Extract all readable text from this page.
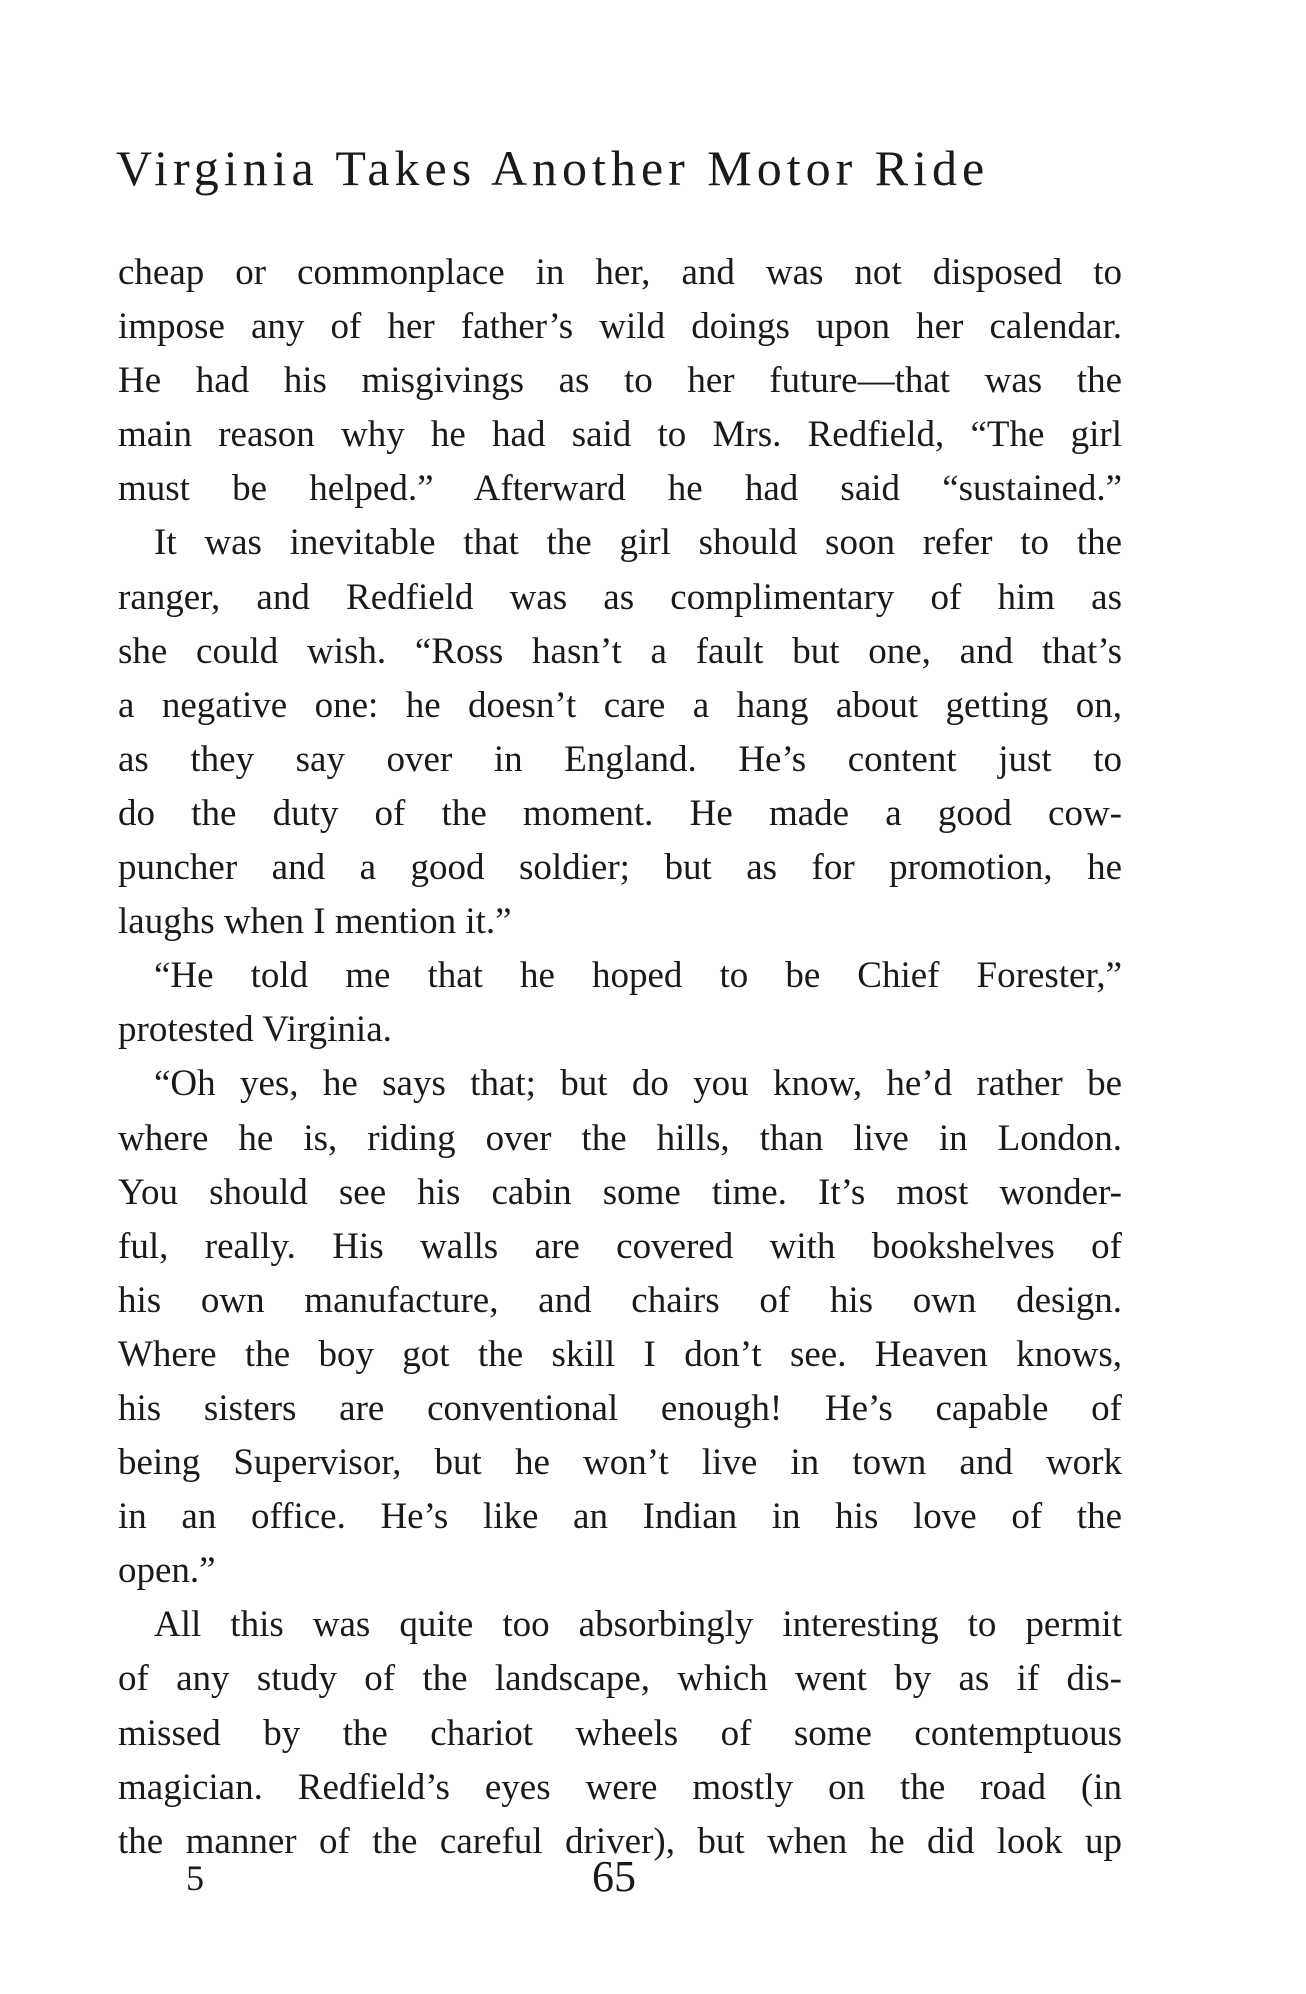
Virginia Takes Another Motor Ride
cheap or commonplace in her, and was not disposed to
impose any of her father’s wild doings upon her calendar.
He had his misgivings as to her future—that was the
main reason why he had said to Mrs. Redfield, “The girl
must be helped.” Afterward he had said “sustained.”
It was inevitable that the girl should soon refer to the
ranger, and Redfield was as complimentary of him as
she could wish. “Ross hasn’t a fault but one, and that’s
a negative one: he doesn’t care a hang about getting on,
as they say over in England. He’s content just to
do the duty of the moment. He made a good cow-
puncher and a good soldier; but as for promotion, he
laughs when I mention it.”
“He told me that he hoped to be Chief Forester,”
protested Virginia.
“Oh yes, he says that; but do you know, he’d rather be
where he is, riding over the hills, than live in London.
You should see his cabin some time. It’s most wonder-
ful, really. His walls are covered with bookshelves of
his own manufacture, and chairs of his own design.
Where the boy got the skill I don’t see. Heaven knows,
his sisters are conventional enough! He’s capable of
being Supervisor, but he won’t live in town and work
in an office. He’s like an Indian in his love of the
open.”
All this was quite too absorbingly interesting to permit
of any study of the landscape, which went by as if dis-
missed by the chariot wheels of some contemptuous
magician. Redfield’s eyes were mostly on the road (in
the manner of the careful driver), but when he did look up
5	65
